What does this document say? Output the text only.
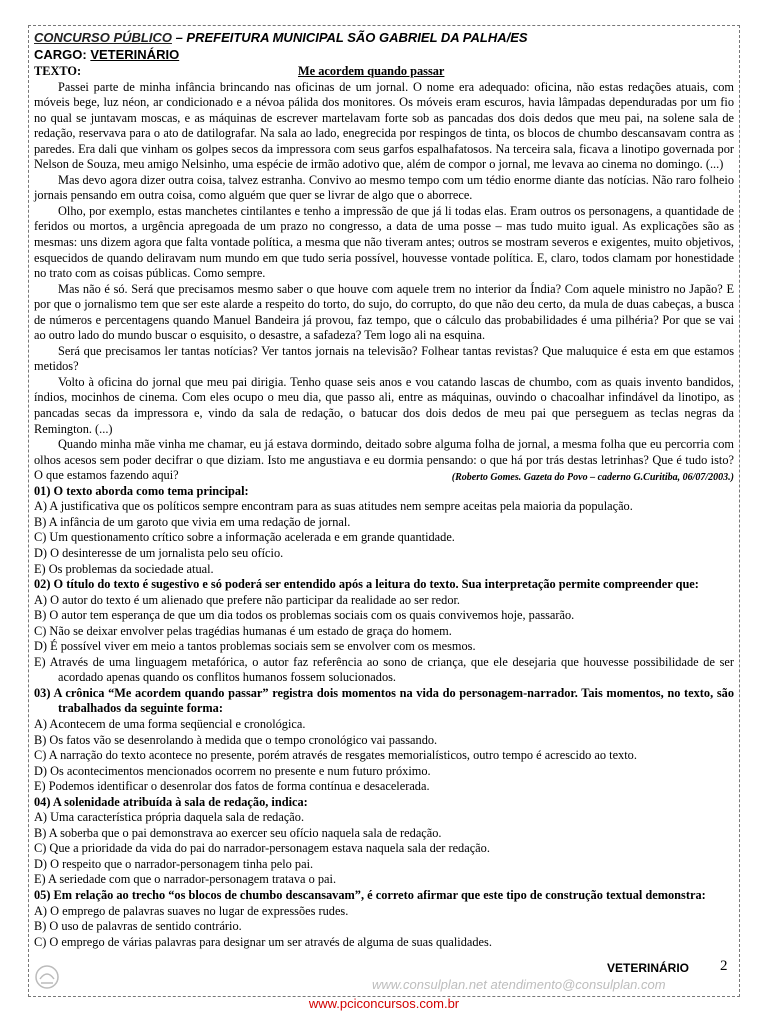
CONCURSO PÚBLICO – PREFEITURA MUNICIPAL SÃO GABRIEL DA PALHA/ES
CARGO: VETERINÁRIO
TEXTO:	Me acordem quando passar

Passei parte de minha infância brincando nas oficinas de um jornal. O nome era adequado: oficina, não estas redações atuais, com móveis bege, luz néon, ar condicionado e a névoa pálida dos monitores. Os móveis eram escuros, havia lâmpadas dependuradas por um fio no qual se juntavam moscas, e as máquinas de escrever martelavam forte sob as pancadas dos dois dedos que meu pai, na solene sala de redação, reservava para o ato de datilografar. Na sala ao lado, enegrecida por respingos de tinta, os blocos de chumbo descansavam contra as paredes. Era dali que vinham os golpes secos da impressora com seus garfos espalhafatosos. Na terceira sala, ficava a linotipo governada por Nelson de Souza, meu amigo Nelsinho, uma espécie de irmão adotivo que, além de compor o jornal, me levava ao cinema no domingo. (...)

Mas devo agora dizer outra coisa, talvez estranha. Convivo ao mesmo tempo com um tédio enorme diante das notícias. Não raro folheio jornais pensando em outra coisa, como alguém que quer se livrar de algo que o aborrece.

Olho, por exemplo, estas manchetes cintilantes e tenho a impressão de que já li todas elas. Eram outros os personagens, a quantidade de feridos ou mortos, a urgência apregoada de um prazo no congresso, a data de uma posse – mas tudo muito igual. As explicações são as mesmas: uns dizem agora que falta vontade política, a mesma que não tiveram antes; outros se mostram severos e exigentes, muito objetivos, esquecidos de quando deliravam num mundo em que tudo seria possível, houvesse vontade política. E, claro, todos clamam por honestidade no trato com as coisas públicas. Como sempre.

Mas não é só. Será que precisamos mesmo saber o que houve com aquele trem no interior da Índia? Com aquele ministro no Japão? E por que o jornalismo tem que ser este alarde a respeito do torto, do sujo, do corrupto, do que não deu certo, da mula de duas cabeças, a busca de números e percentagens quando Manuel Bandeira já provou, faz tempo, que o cálculo das probabilidades é uma pilhéria? Por que se vai ao outro lado do mundo buscar o esquisito, o desastre, a safadeza? Tem logo ali na esquina.

Será que precisamos ler tantas notícias? Ver tantos jornais na televisão? Folhear tantas revistas? Que maluquice é esta em que estamos metidos?

Volto à oficina do jornal que meu pai dirigia. Tenho quase seis anos e vou catando lascas de chumbo, com as quais invento bandidos, índios, mocinhos de cinema. Com eles ocupo o meu dia, que passo ali, entre as máquinas, ouvindo o chacoalhar infindável da linotipo, as pancadas secas da impressora e, vindo da sala de redação, o batucar dos dois dedos de meu pai que perseguem as teclas negras da Remington. (...)

Quando minha mãe vinha me chamar, eu já estava dormindo, deitado sobre alguma folha de jornal, a mesma folha que eu percorria com olhos acesos sem poder decifrar o que diziam. Isto me angustiava e eu dormia pensando: o que há por trás destas letrinhas? Que é tudo isto? O que estamos fazendo aqui?	(Roberto Gomes. Gazeta do Povo – caderno G.Curitiba, 06/07/2003.)

01) O texto aborda como tema principal:

A) A justificativa que os políticos sempre encontram para as suas atitudes nem sempre aceitas pela maioria da população.

B) A infância de um garoto que vivia em uma redação de jornal.

C) Um questionamento crítico sobre a informação acelerada e em grande quantidade.

D) O desinteresse de um jornalista pelo seu ofício.

E) Os problemas da sociedade atual.

02) O título do texto é sugestivo e só poderá ser entendido após a leitura do texto. Sua interpretação permite compreender que:

A) O autor do texto é um alienado que prefere não participar da realidade ao ser redor.

B) O autor tem esperança de que um dia todos os problemas sociais com os quais convivemos hoje, passarão.

C) Não se deixar envolver pelas tragédias humanas é um estado de graça do homem.

D) É possível viver em meio a tantos problemas sociais sem se envolver com os mesmos.

E) Através de uma linguagem metafórica, o autor faz referência ao sono de criança, que ele desejaria que houvesse possibilidade de ser acordado apenas quando os conflitos humanos fossem solucionados.

03) A crônica “Me acordem quando passar” registra dois momentos na vida do personagem-narrador. Tais momentos, no texto, são trabalhados da seguinte forma:

A) Acontecem de uma forma seqüencial e cronológica.

B) Os fatos vão se desenrolando à medida que o tempo cronológico vai passando.

C) A narração do texto acontece no presente, porém através de resgates memorialísticos, outro tempo é acrescido ao texto.

D) Os acontecimentos mencionados ocorrem no presente e num futuro próximo.

E) Podemos identificar o desenrolar dos fatos de forma contínua e desacelerada.

04) A solenidade atribuída à sala de redação, indica:

A) Uma característica própria daquela sala de redação.

B) A soberba que o pai demonstrava ao exercer seu ofício naquela sala de redação.

C) Que a prioridade da vida do pai do narrador-personagem estava naquela sala der redação.

D) O respeito que o narrador-personagem tinha pelo pai.

E) A seriedade com que o narrador-personagem tratava o pai.

05) Em relação ao trecho “os blocos de chumbo descansavam”, é correto afirmar que este tipo de construção textual demonstra:

A) O emprego de palavras suaves no lugar de expressões rudes.

B) O uso de palavras de sentido contrário.

C) O emprego de várias palavras para designar um ser através de alguma de suas qualidades.

VETERINÁRIO 2
www.consulplan.net atendimento@consulplan.com
www.pciconcursos.com.br
